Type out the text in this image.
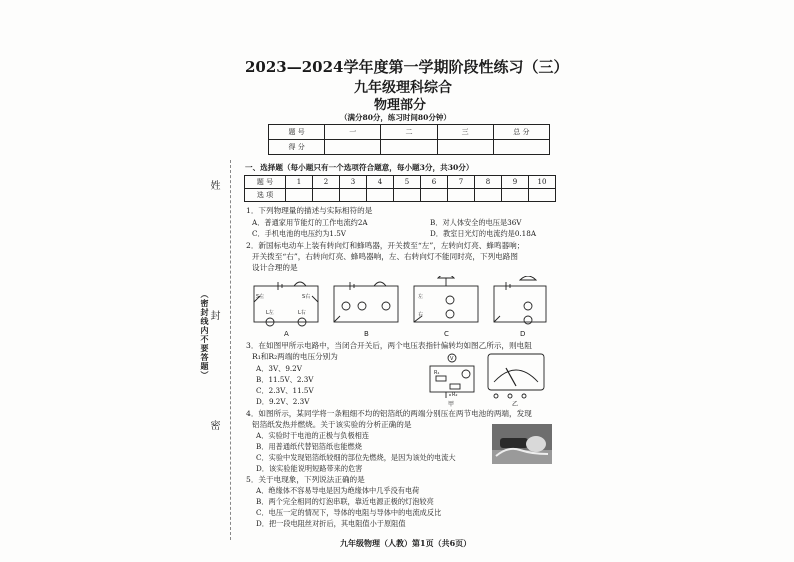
姓
封
（密封线内不要答题）
密
2023—2024学年度第一学期阶段性练习（三）
九年级理科综合
物理部分
（满分80分，练习时间80分钟）
题 号	一	二	三	总 分
得 分				
一、选择题（每小题只有一个选项符合题意，每小题3分，共30分）
题 号	1	2	3	4	5	6	7	8	9	10
选 项										
1．下列物理量的描述与实际相符的是
A．普通家用节能灯的工作电流约2A	B．对人体安全的电压是36V
C．手机电池的电压约为1.5V	D．教室日光灯的电流约是0.18A
2．新国标电动车上装有转向灯和蜂鸣器，开关拨至“左”，左转向灯亮、蜂鸣器响；
开关拨至“右”，右转向灯亮、蜂鸣器响，左、右转向灯不能同时亮，下列电路图
设计合理的是
S左	S右
L左	L右
左
右
A	B	C	D
3．在如图甲所示电路中，当闭合开关后，两个电压表指针偏转均如图乙所示，则电阻
R₁和R₂两端的电压分别为
A．3V、9.2V
B．11.5V、2.3V
C．2.3V、11.5V
D．9.2V、2.3V
V
R₁
R₂
甲	乙
4．如图所示，某同学将一条粗细不均的铝箔纸的两端分别压在两节电池的两端，发现
铝箔纸发热并燃烧。关于该实验的分析正确的是
A．实验时干电池的正极与负极相连
B．用普通纸代替铝箔纸也能燃烧
C．实验中发现铝箔纸较细的部位先燃烧，是因为该处的电流大
D．该实验能说明短路带来的危害
5．关于电现象，下列说法正确的是
A．绝缘体不容易导电是因为绝缘体中几乎没有电荷
B．两个完全相同的灯泡串联，靠近电源正极的灯泡较亮
C．电压一定的情况下，导体的电阻与导体中的电流成反比
D．把一段电阻丝对折后，其电阻值小于原阻值
九年级物理（人教）第1页（共6页）
